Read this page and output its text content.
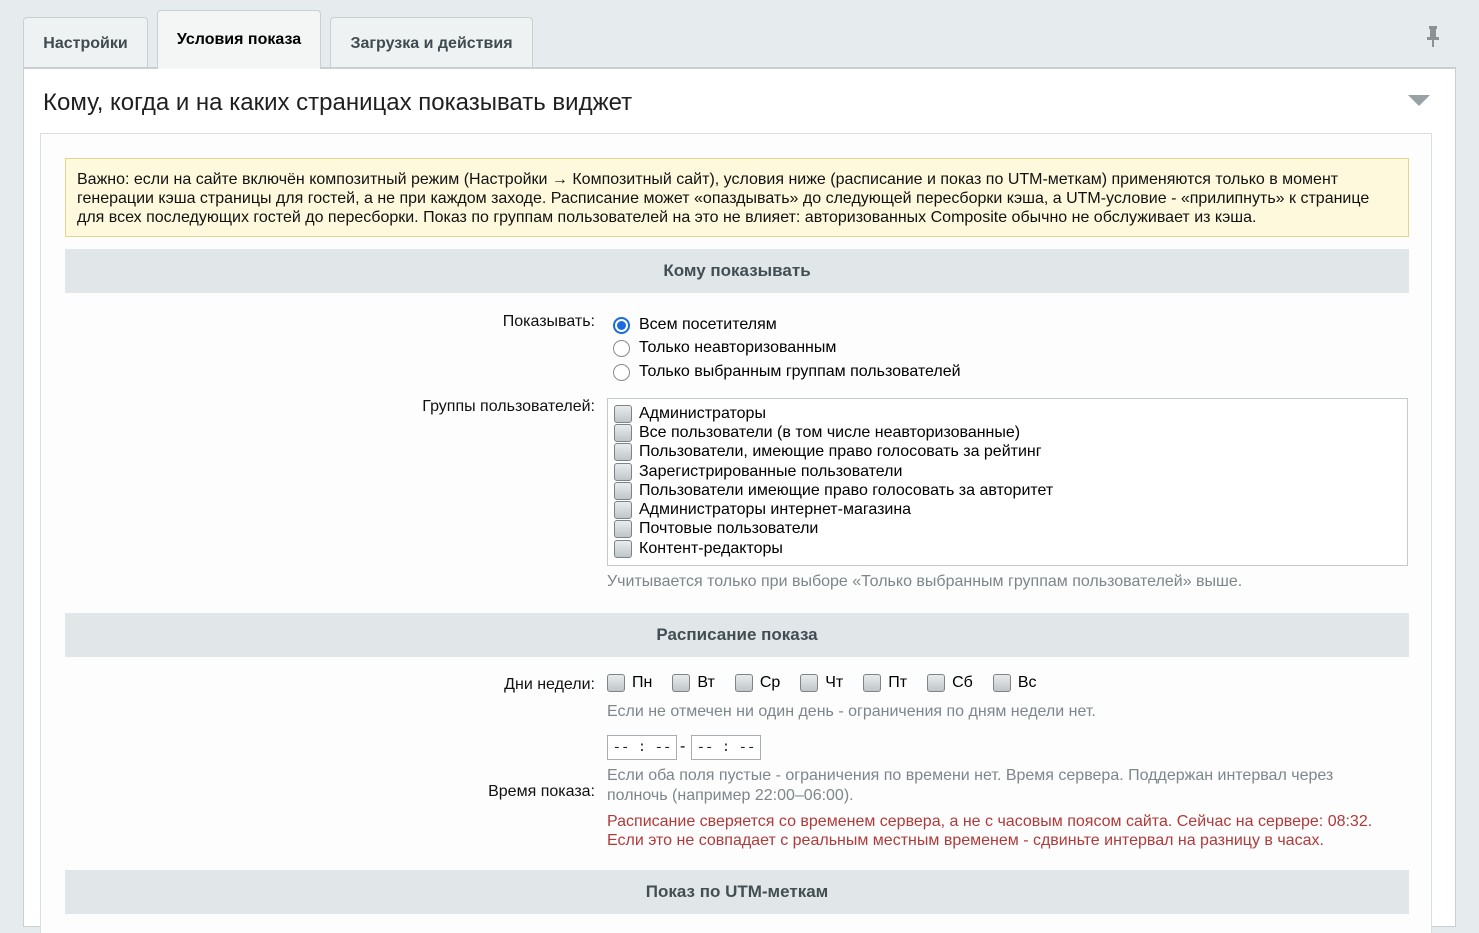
Настройки	Условия показа	Загрузка и действия
Кому, когда и на каких страницах показывать виджет
Важно: если на сайте включён композитный режим (Настройки → Композитный сайт), условия ниже (расписание и показ по UTM-меткам) применяются только в момент генерации кэша страницы для гостей, а не при каждом заходе. Расписание может «опаздывать» до следующей пересборки кэша, а UTM-условие - «прилипнуть» к странице для всех последующих гостей до пересборки. Показ по группам пользователей на это не влияет: авторизованных Composite обычно не обслуживает из кэша.
Кому показывать
Показывать:	Всем посетителям
Только неавторизованным
Только выбранным группам пользователей
Группы пользователей:	Администраторы
Все пользователи (в том числе неавторизованные)
Пользователи, имеющие право голосовать за рейтинг
Зарегистрированные пользователи
Пользователи имеющие право голосовать за авторитет
Администраторы интернет-магазина
Почтовые пользователи
Контент-редакторы
Учитывается только при выборе «Только выбранным группам пользователей» выше.
Расписание показа
Дни недели: Пн	Вт	Ср	Чт	Пт	Сб	Вс
Если не отмечен ни один день - ограничения по дням недели нет.
-- : -- - -- : --
Время показа:
Если оба поля пустые - ограничения по времени нет. Время сервера. Поддержан интервал через
полночь (например 22:00–06:00).
Расписание сверяется со временем сервера, а не с часовым поясом сайта. Сейчас на сервере: 08:32.
Если это не совпадает с реальным местным временем - сдвиньте интервал на разницу в часах.
Показ по UTM-меткам
